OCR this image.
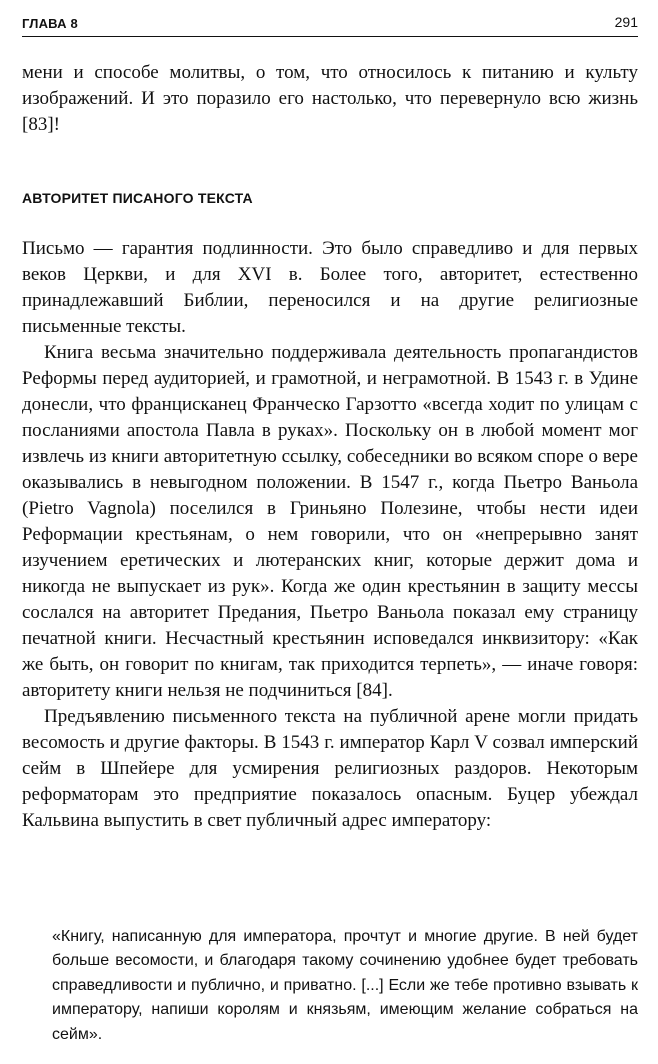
ГЛАВА 8	291

мени и способе молитвы, о том, что относилось к питанию и культу изображений. И это поразило его настолько, что перевернуло всю жизнь [83]!

АВТОРИТЕТ ПИСАНОГО ТЕКСТА

Письмо — гарантия подлинности. Это было справедливо и для первых веков Церкви, и для XVI в. Более того, авторитет, естественно принадлежавший Библии, переносился и на другие религиозные письменные тексты.

Книга весьма значительно поддерживала деятельность пропагандистов Реформы перед аудиторией, и грамотной, и неграмотной. В 1543 г. в Удине донесли, что францисканец Франческо Гарзотто «всегда ходит по улицам с посланиями апостола Павла в руках». Поскольку он в любой момент мог извлечь из книги авторитетную ссылку, собеседники во всяком споре о вере оказывались в невыгодном положении. В 1547 г., когда Пьетро Ваньола (Pietro Vagnola) поселился в Гриньяно Полезине, чтобы нести идеи Реформации крестьянам, о нем говорили, что он «непрерывно занят изучением еретических и лютеранских книг, которые держит дома и никогда не выпускает из рук». Когда же один крестьянин в защиту мессы сослался на авторитет Предания, Пьетро Ваньола показал ему страницу печатной книги. Несчастный крестьянин исповедался инквизитору: «Как же быть, он говорит по книгам, так приходится терпеть», — иначе говоря: авторитету книги нельзя не подчиниться [84].

Предъявлению письменного текста на публичной арене могли придать весомость и другие факторы. В 1543 г. император Карл V созвал имперский сейм в Шпейере для усмирения религиозных раздоров. Некоторым реформаторам это предприятие показалось опасным. Буцер убеждал Кальвина выпустить в свет публичный адрес императору:

«Книгу, написанную для императора, прочтут и многие другие. В ней будет больше весомости, и благодаря такому сочинению удобнее будет требовать справедливости и публично, и приватно. [...] Если же тебе противно взывать к императору, напиши королям и князьям, имеющим желание собраться на сейм».
